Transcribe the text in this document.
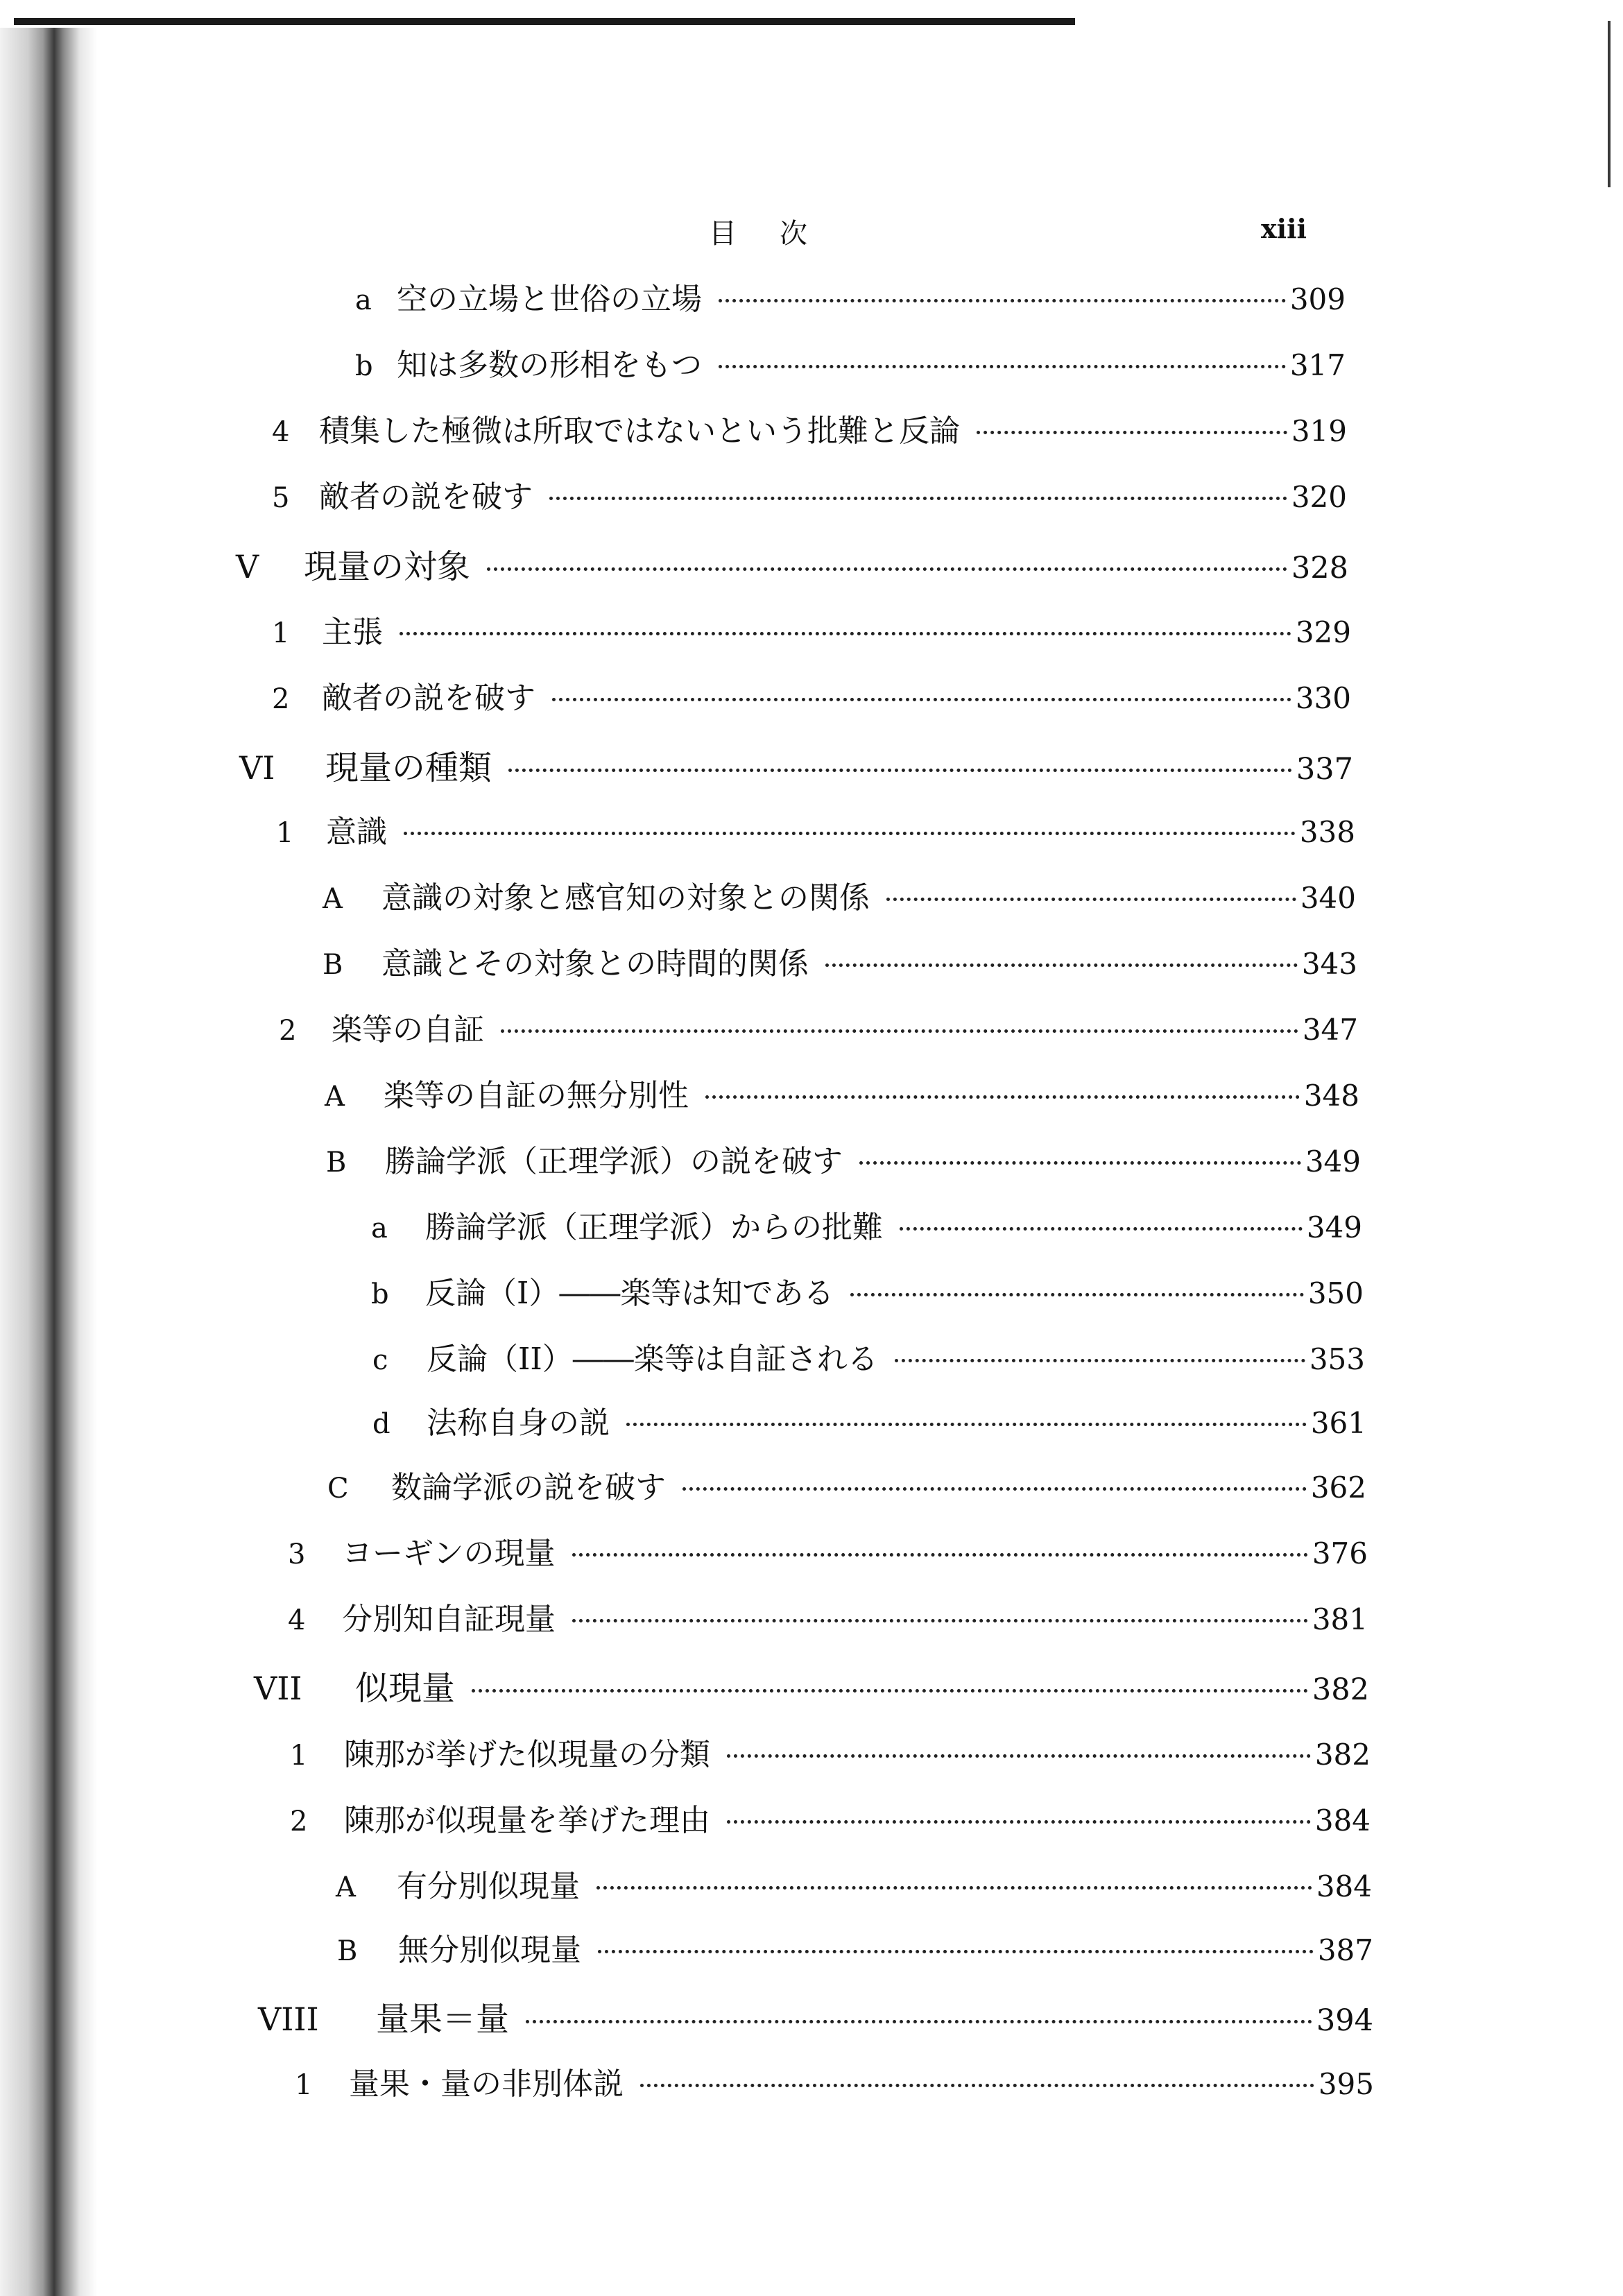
目次	xiii
a 空の立場と世俗の立場	309
b 知は多数の形相をもつ	317
4 積集した極微は所取ではないという批難と反論	319
5 敵者の説を破す	320
V	現量の対象	328
1	主張	329
2	敵者の説を破す	330
VI	現量の種類	337
1	意識	338
A	意識の対象と感官知の対象との関係	340
B	意識とその対象との時間的関係	343
2	楽等の自証	347
A	楽等の自証の無分別性	348
B	勝論学派（正理学派）の説を破す	349
a	勝論学派（正理学派）からの批難	349
b	反論（I）――楽等は知である	350
c	反論（II）――楽等は自証される	353
d	法称自身の説	361
C	数論学派の説を破す	362
3	ヨーギンの現量	376
4	分別知自証現量	381
VII	似現量	382
1	陳那が挙げた似現量の分類	382
2	陳那が似現量を挙げた理由	384
A	有分別似現量	384
B	無分別似現量	387
VIII	量果＝量	394
1	量果・量の非別体説	395
